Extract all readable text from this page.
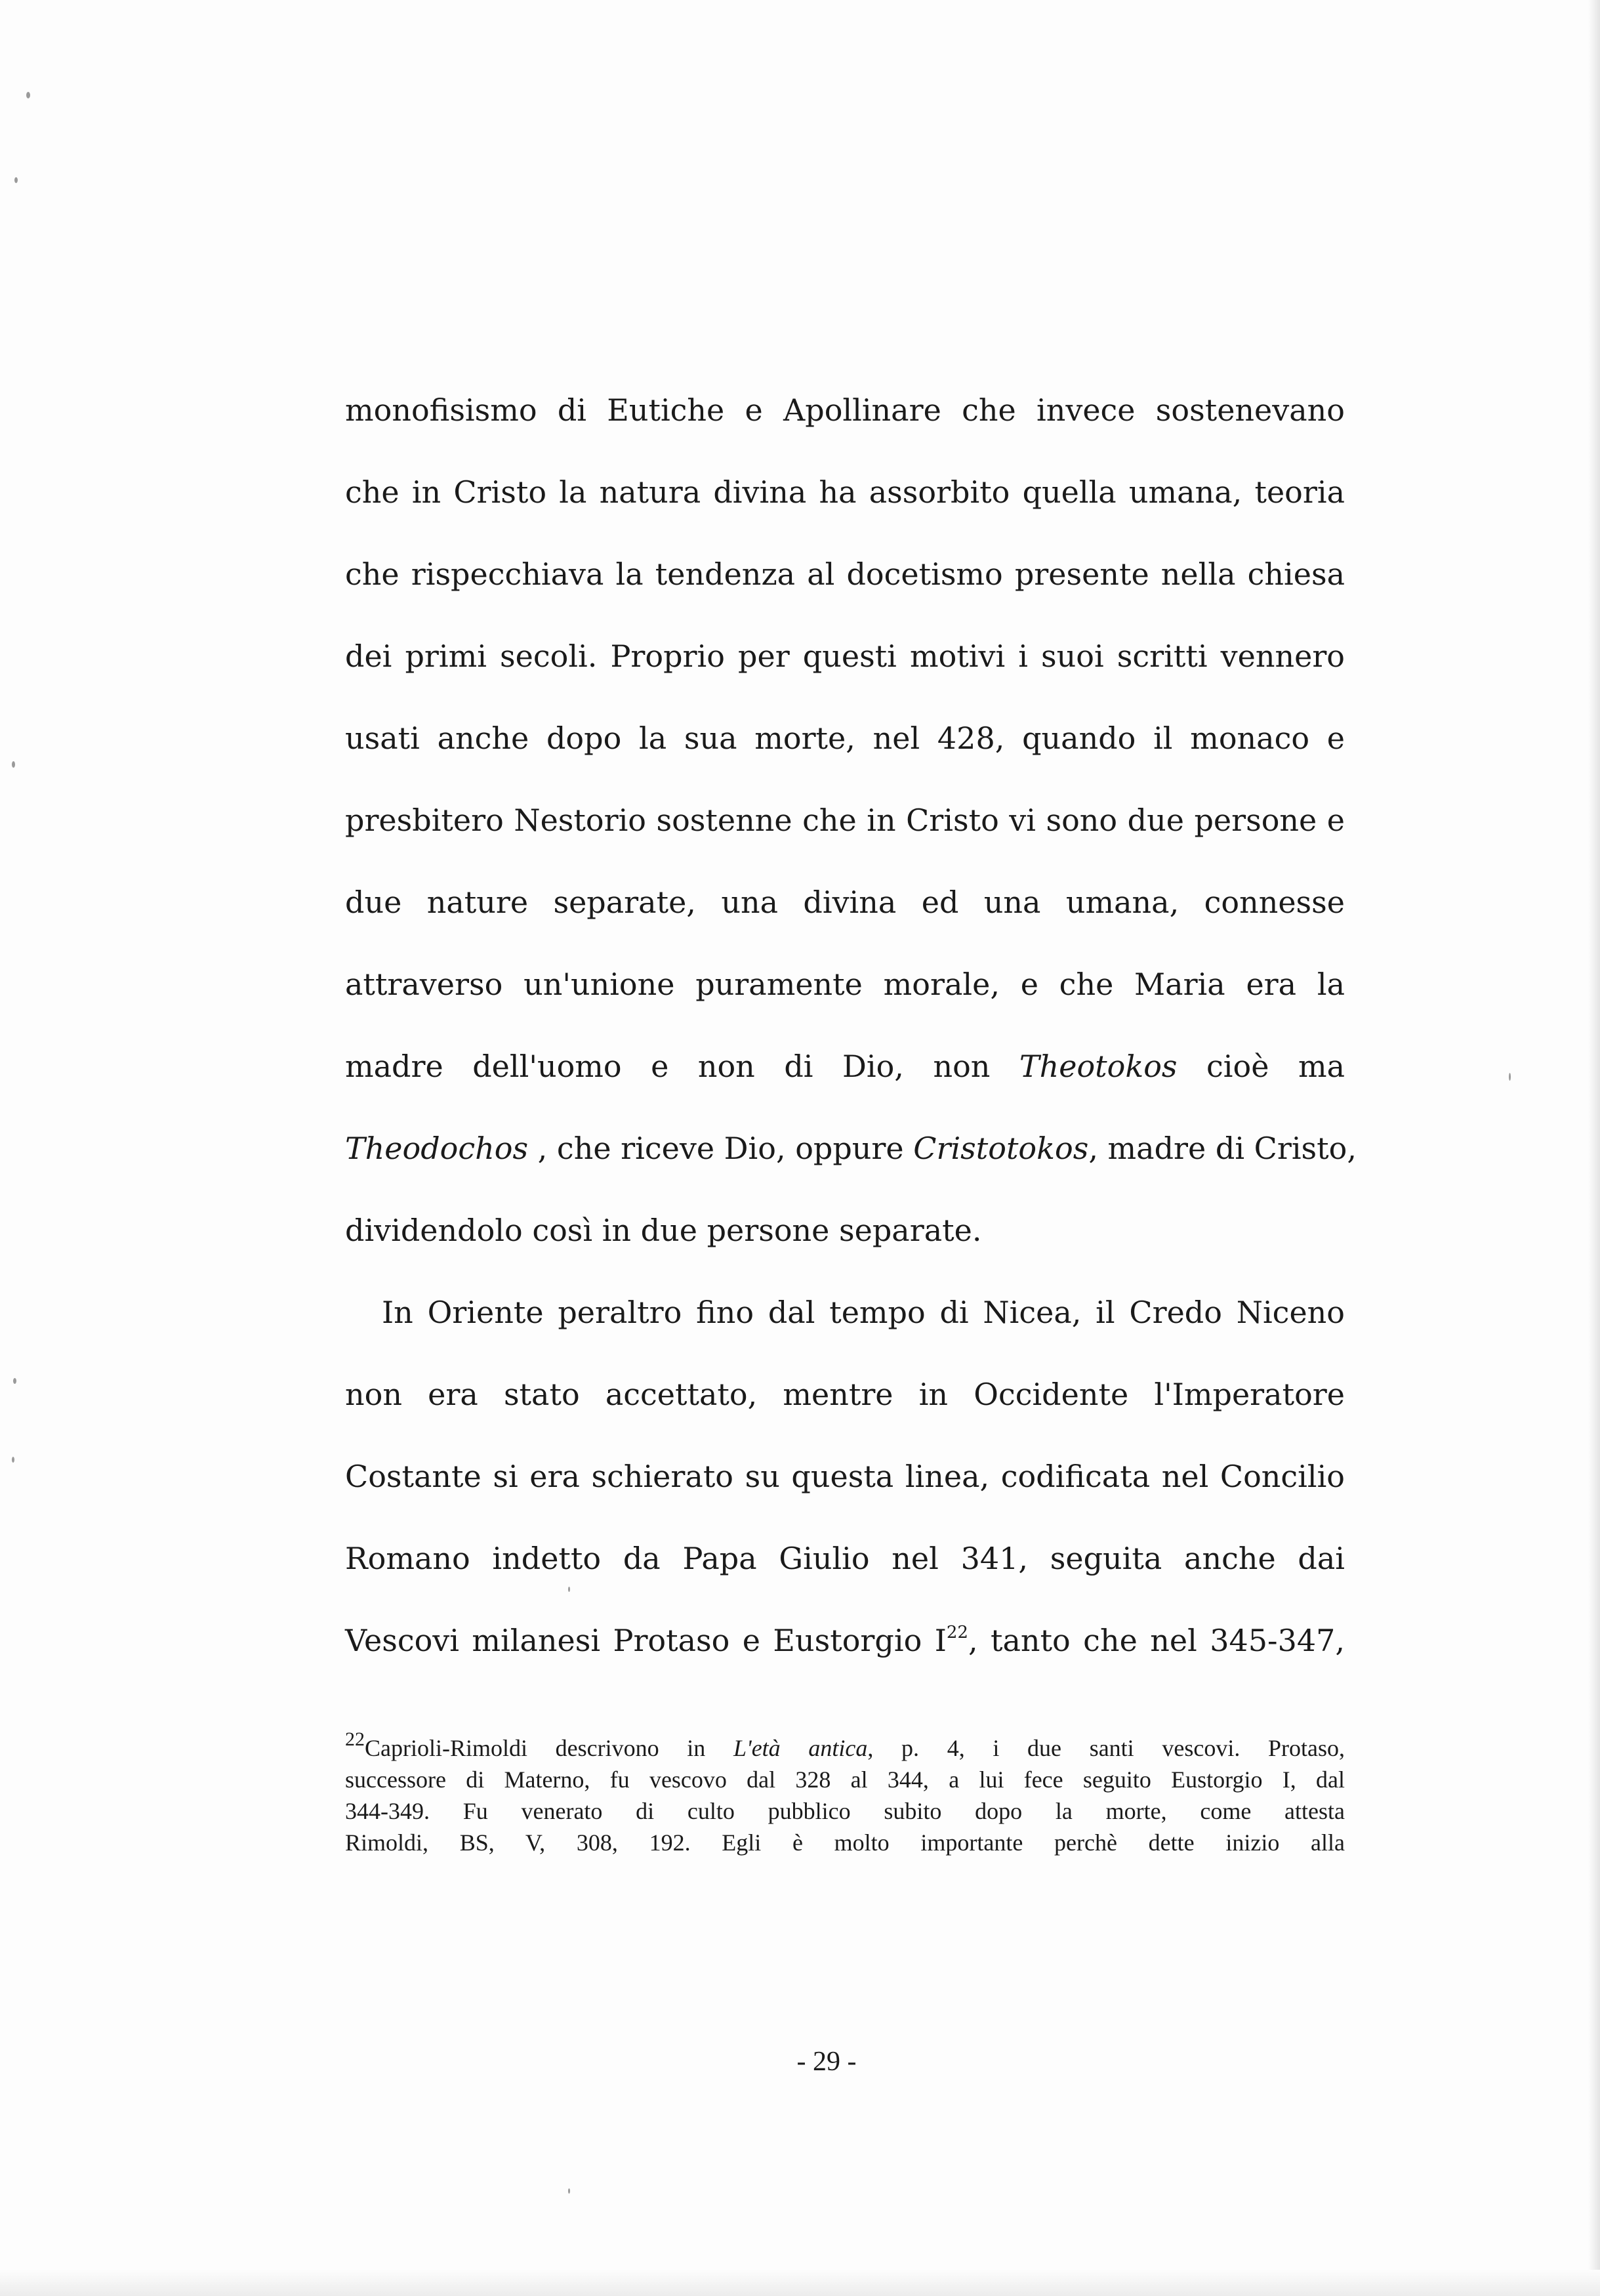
monofisismo di Eutiche e Apollinare che invece sostenevano
che in Cristo la natura divina ha assorbito quella umana, teoria
che rispecchiava la tendenza al docetismo presente nella chiesa
dei primi secoli. Proprio per questi motivi i suoi scritti vennero
usati anche dopo la sua morte, nel 428, quando il monaco e
presbitero Nestorio sostenne che in Cristo vi sono due persone e
due nature separate, una divina ed una umana, connesse
attraverso un'unione puramente morale, e che Maria era la
madre dell'uomo e non di Dio, non Theotokos cioè ma
Theodochos , che riceve Dio, oppure Cristotokos, madre di Cristo,
dividendolo così in due persone separate.
In Oriente peraltro fino dal tempo di Nicea, il Credo Niceno
non era stato accettato, mentre in Occidente l'Imperatore
Costante si era schierato su questa linea, codificata nel Concilio
Romano indetto da Papa Giulio nel 341, seguita anche dai
Vescovi milanesi Protaso e Eustorgio I$^{22}$, tanto che nel 345-347,
$^{22}$Caprioli-Rimoldi descrivono in L'età antica, p. 4, i due santi vescovi. Protaso,
successore di Materno, fu vescovo dal 328 al 344, a lui fece seguito Eustorgio I, dal
344-349. Fu venerato di culto pubblico subito dopo la morte, come attesta
Rimoldi, BS, V, 308, 192. Egli è molto importante perchè dette inizio alla
- 29 -
